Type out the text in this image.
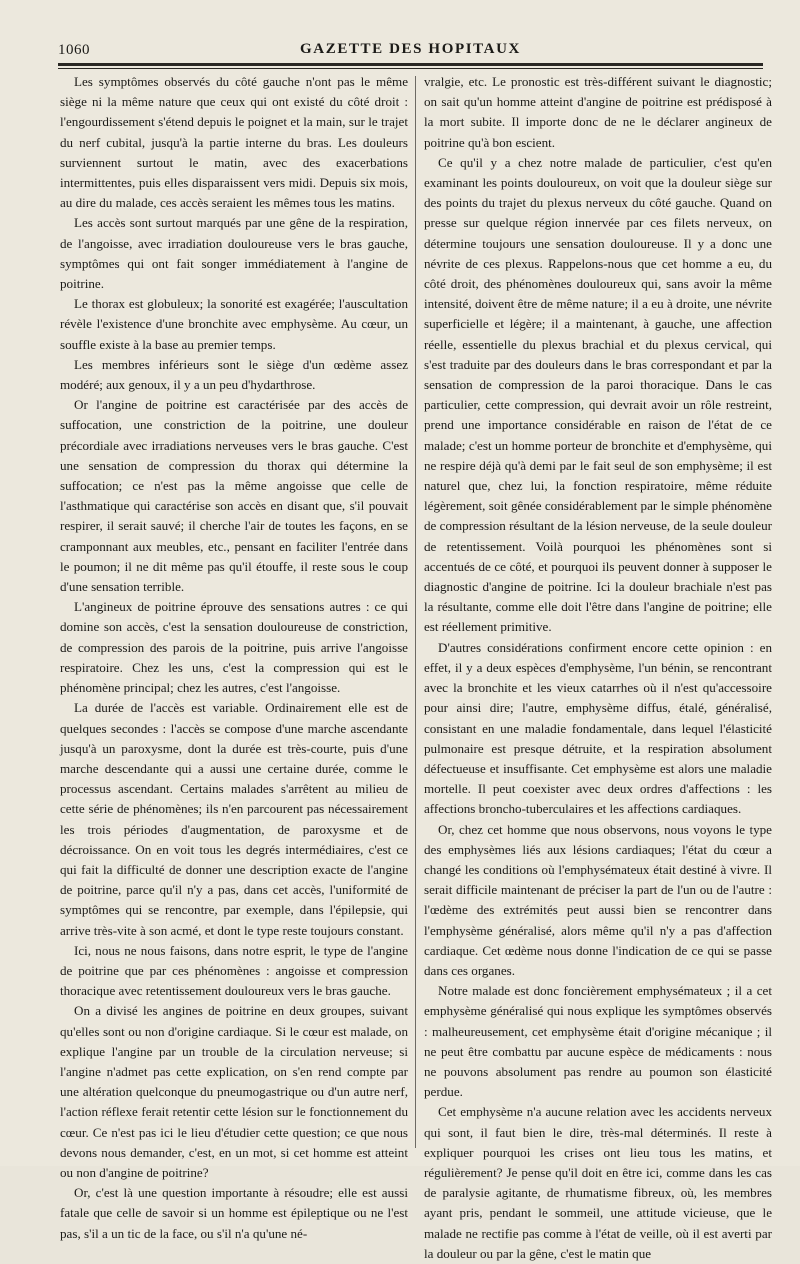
1060	GAZETTE DES HOPITAUX

Les symptômes observés du côté gauche n'ont pas le même siège ni la même nature que ceux qui ont existé du côté droit : l'engourdissement s'étend depuis le poignet et la main, sur le trajet du nerf cubital, jusqu'à la partie interne du bras. Les douleurs surviennent surtout le matin, avec des exacerbations intermittentes, puis elles disparaissent vers midi. Depuis six mois, au dire du malade, ces accès seraient les mêmes tous les matins.

Les accès sont surtout marqués par une gêne de la respiration, de l'angoisse, avec irradiation douloureuse vers le bras gauche, symptômes qui ont fait songer immédiatement à l'angine de poitrine.

Le thorax est globuleux; la sonorité est exagérée; l'auscultation révèle l'existence d'une bronchite avec emphysème. Au cœur, un souffle existe à la base au premier temps.

Les membres inférieurs sont le siège d'un œdème assez modéré; aux genoux, il y a un peu d'hydarthrose.

Or l'angine de poitrine est caractérisée par des accès de suffocation, une constriction de la poitrine, une douleur précordiale avec irradiations nerveuses vers le bras gauche. C'est une sensation de compression du thorax qui détermine la suffocation; ce n'est pas la même angoisse que celle de l'asthmatique qui caractérise son accès en disant que, s'il pouvait respirer, il serait sauvé; il cherche l'air de toutes les façons, en se cramponnant aux meubles, etc., pensant en faciliter l'entrée dans le poumon; il ne dit même pas qu'il étouffe, il reste sous le coup d'une sensation terrible.

L'angineux de poitrine éprouve des sensations autres : ce qui domine son accès, c'est la sensation douloureuse de constriction, de compression des parois de la poitrine, puis arrive l'angoisse respiratoire. Chez les uns, c'est la compression qui est le phénomène principal; chez les autres, c'est l'angoisse.

La durée de l'accès est variable. Ordinairement elle est de quelques secondes : l'accès se compose d'une marche ascendante jusqu'à un paroxysme, dont la durée est très-courte, puis d'une marche descendante qui a aussi une certaine durée, comme le processus ascendant. Certains malades s'arrêtent au milieu de cette série de phénomènes; ils n'en parcourent pas nécessairement les trois périodes d'augmentation, de paroxysme et de décroissance. On en voit tous les degrés intermédiaires, c'est ce qui fait la difficulté de donner une description exacte de l'angine de poitrine, parce qu'il n'y a pas, dans cet accès, l'uniformité de symptômes qui se rencontre, par exemple, dans l'épilepsie, qui arrive très-vite à son acmé, et dont le type reste toujours constant.

Ici, nous ne nous faisons, dans notre esprit, le type de l'angine de poitrine que par ces phénomènes : angoisse et compression thoracique avec retentissement douloureux vers le bras gauche.

On a divisé les angines de poitrine en deux groupes, suivant qu'elles sont ou non d'origine cardiaque. Si le cœur est malade, on explique l'angine par un trouble de la circulation nerveuse; si l'angine n'admet pas cette explication, on s'en rend compte par une altération quelconque du pneumogastrique ou d'un autre nerf, l'action réflexe ferait retentir cette lésion sur le fonctionnement du cœur. Ce n'est pas ici le lieu d'étudier cette question; ce que nous devons nous demander, c'est, en un mot, si cet homme est atteint ou non d'angine de poitrine?

Or, c'est là une question importante à résoudre; elle est aussi fatale que celle de savoir si un homme est épileptique ou ne l'est pas, s'il a un tic de la face, ou s'il n'a qu'une né-

vralgie, etc. Le pronostic est très-différent suivant le diagnostic; on sait qu'un homme atteint d'angine de poitrine est prédisposé à la mort subite. Il importe donc de ne le déclarer angineux de poitrine qu'à bon escient.

Ce qu'il y a chez notre malade de particulier, c'est qu'en examinant les points douloureux, on voit que la douleur siège sur des points du trajet du plexus nerveux du côté gauche. Quand on presse sur quelque région innervée par ces filets nerveux, on détermine toujours une sensation douloureuse. Il y a donc une névrite de ces plexus. Rappelons-nous que cet homme a eu, du côté droit, des phénomènes douloureux qui, sans avoir la même intensité, doivent être de même nature; il a eu à droite, une névrite superficielle et légère; il a maintenant, à gauche, une affection réelle, essentielle du plexus brachial et du plexus cervical, qui s'est traduite par des douleurs dans le bras correspondant et par la sensation de compression de la paroi thoracique. Dans le cas particulier, cette compression, qui devrait avoir un rôle restreint, prend une importance considérable en raison de l'état de ce malade; c'est un homme porteur de bronchite et d'emphysème, qui ne respire déjà qu'à demi par le fait seul de son emphysème; il est naturel que, chez lui, la fonction respiratoire, même réduite légèrement, soit gênée considérablement par le simple phénomène de compression résultant de la lésion nerveuse, de la seule douleur de retentissement. Voilà pourquoi les phénomènes sont si accentués de ce côté, et pourquoi ils peuvent donner à supposer le diagnostic d'angine de poitrine. Ici la douleur brachiale n'est pas la résultante, comme elle doit l'être dans l'angine de poitrine; elle est réellement primitive.

D'autres considérations confirment encore cette opinion : en effet, il y a deux espèces d'emphysème, l'un bénin, se rencontrant avec la bronchite et les vieux catarrhes où il n'est qu'accessoire pour ainsi dire; l'autre, emphysème diffus, étalé, généralisé, consistant en une maladie fondamentale, dans lequel l'élasticité pulmonaire est presque détruite, et la respiration absolument défectueuse et insuffisante. Cet emphysème est alors une maladie mortelle. Il peut coexister avec deux ordres d'affections : les affections broncho-tuberculaires et les affections cardiaques.

Or, chez cet homme que nous observons, nous voyons le type des emphysèmes liés aux lésions cardiaques; l'état du cœur a changé les conditions où l'emphysémateux était destiné à vivre. Il serait difficile maintenant de préciser la part de l'un ou de l'autre : l'œdème des extrémités peut aussi bien se rencontrer dans l'emphysème généralisé, alors même qu'il n'y a pas d'affection cardiaque. Cet œdème nous donne l'indication de ce qui se passe dans ces organes.

Notre malade est donc foncièrement emphysémateux ; il a cet emphysème généralisé qui nous explique les symptômes observés : malheureusement, cet emphysème était d'origine mécanique ; il ne peut être combattu par aucune espèce de médicaments : nous ne pouvons absolument pas rendre au poumon son élasticité perdue.

Cet emphysème n'a aucune relation avec les accidents nerveux qui sont, il faut bien le dire, très-mal déterminés. Il reste à expliquer pourquoi les crises ont lieu tous les matins, et régulièrement? Je pense qu'il doit en être ici, comme dans les cas de paralysie agitante, de rhumatisme fibreux, où, les membres ayant pris, pendant le sommeil, une attitude vicieuse, que le malade ne rectifie pas comme à l'état de veille, où il est averti par la douleur ou par la gêne, c'est le matin que
